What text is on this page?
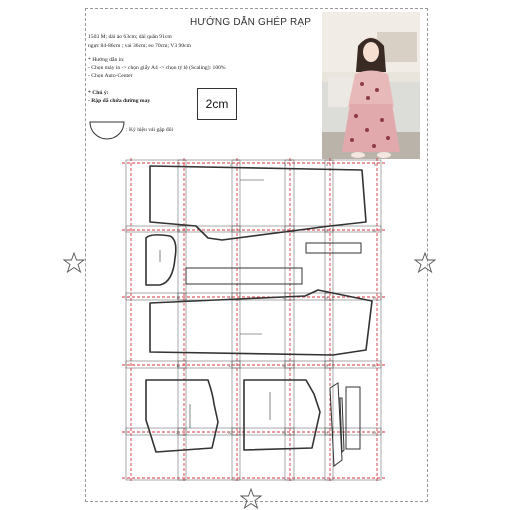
HƯỚNG DẪN GHÉP RẠP
1503 M; dài áo 63cm; dài quần 91cm
ngực 84-86cm ; vai 36cm; eo 70cm; V3 90cm
* Hướng dẫn in:
- Chọn máy in -> chọn giấy A4 -> chọn tỷ lệ (Scaling): 100%
- Chọn Auto-Center
* Chú ý:
- Rập đã chứa đường may	2cm
: Ký hiệu vải gập đôi
1	2	3	4	5
6	7	8	9	10
11	12	13	14	15
16	17	18	19	20
21	22	23	24	25
